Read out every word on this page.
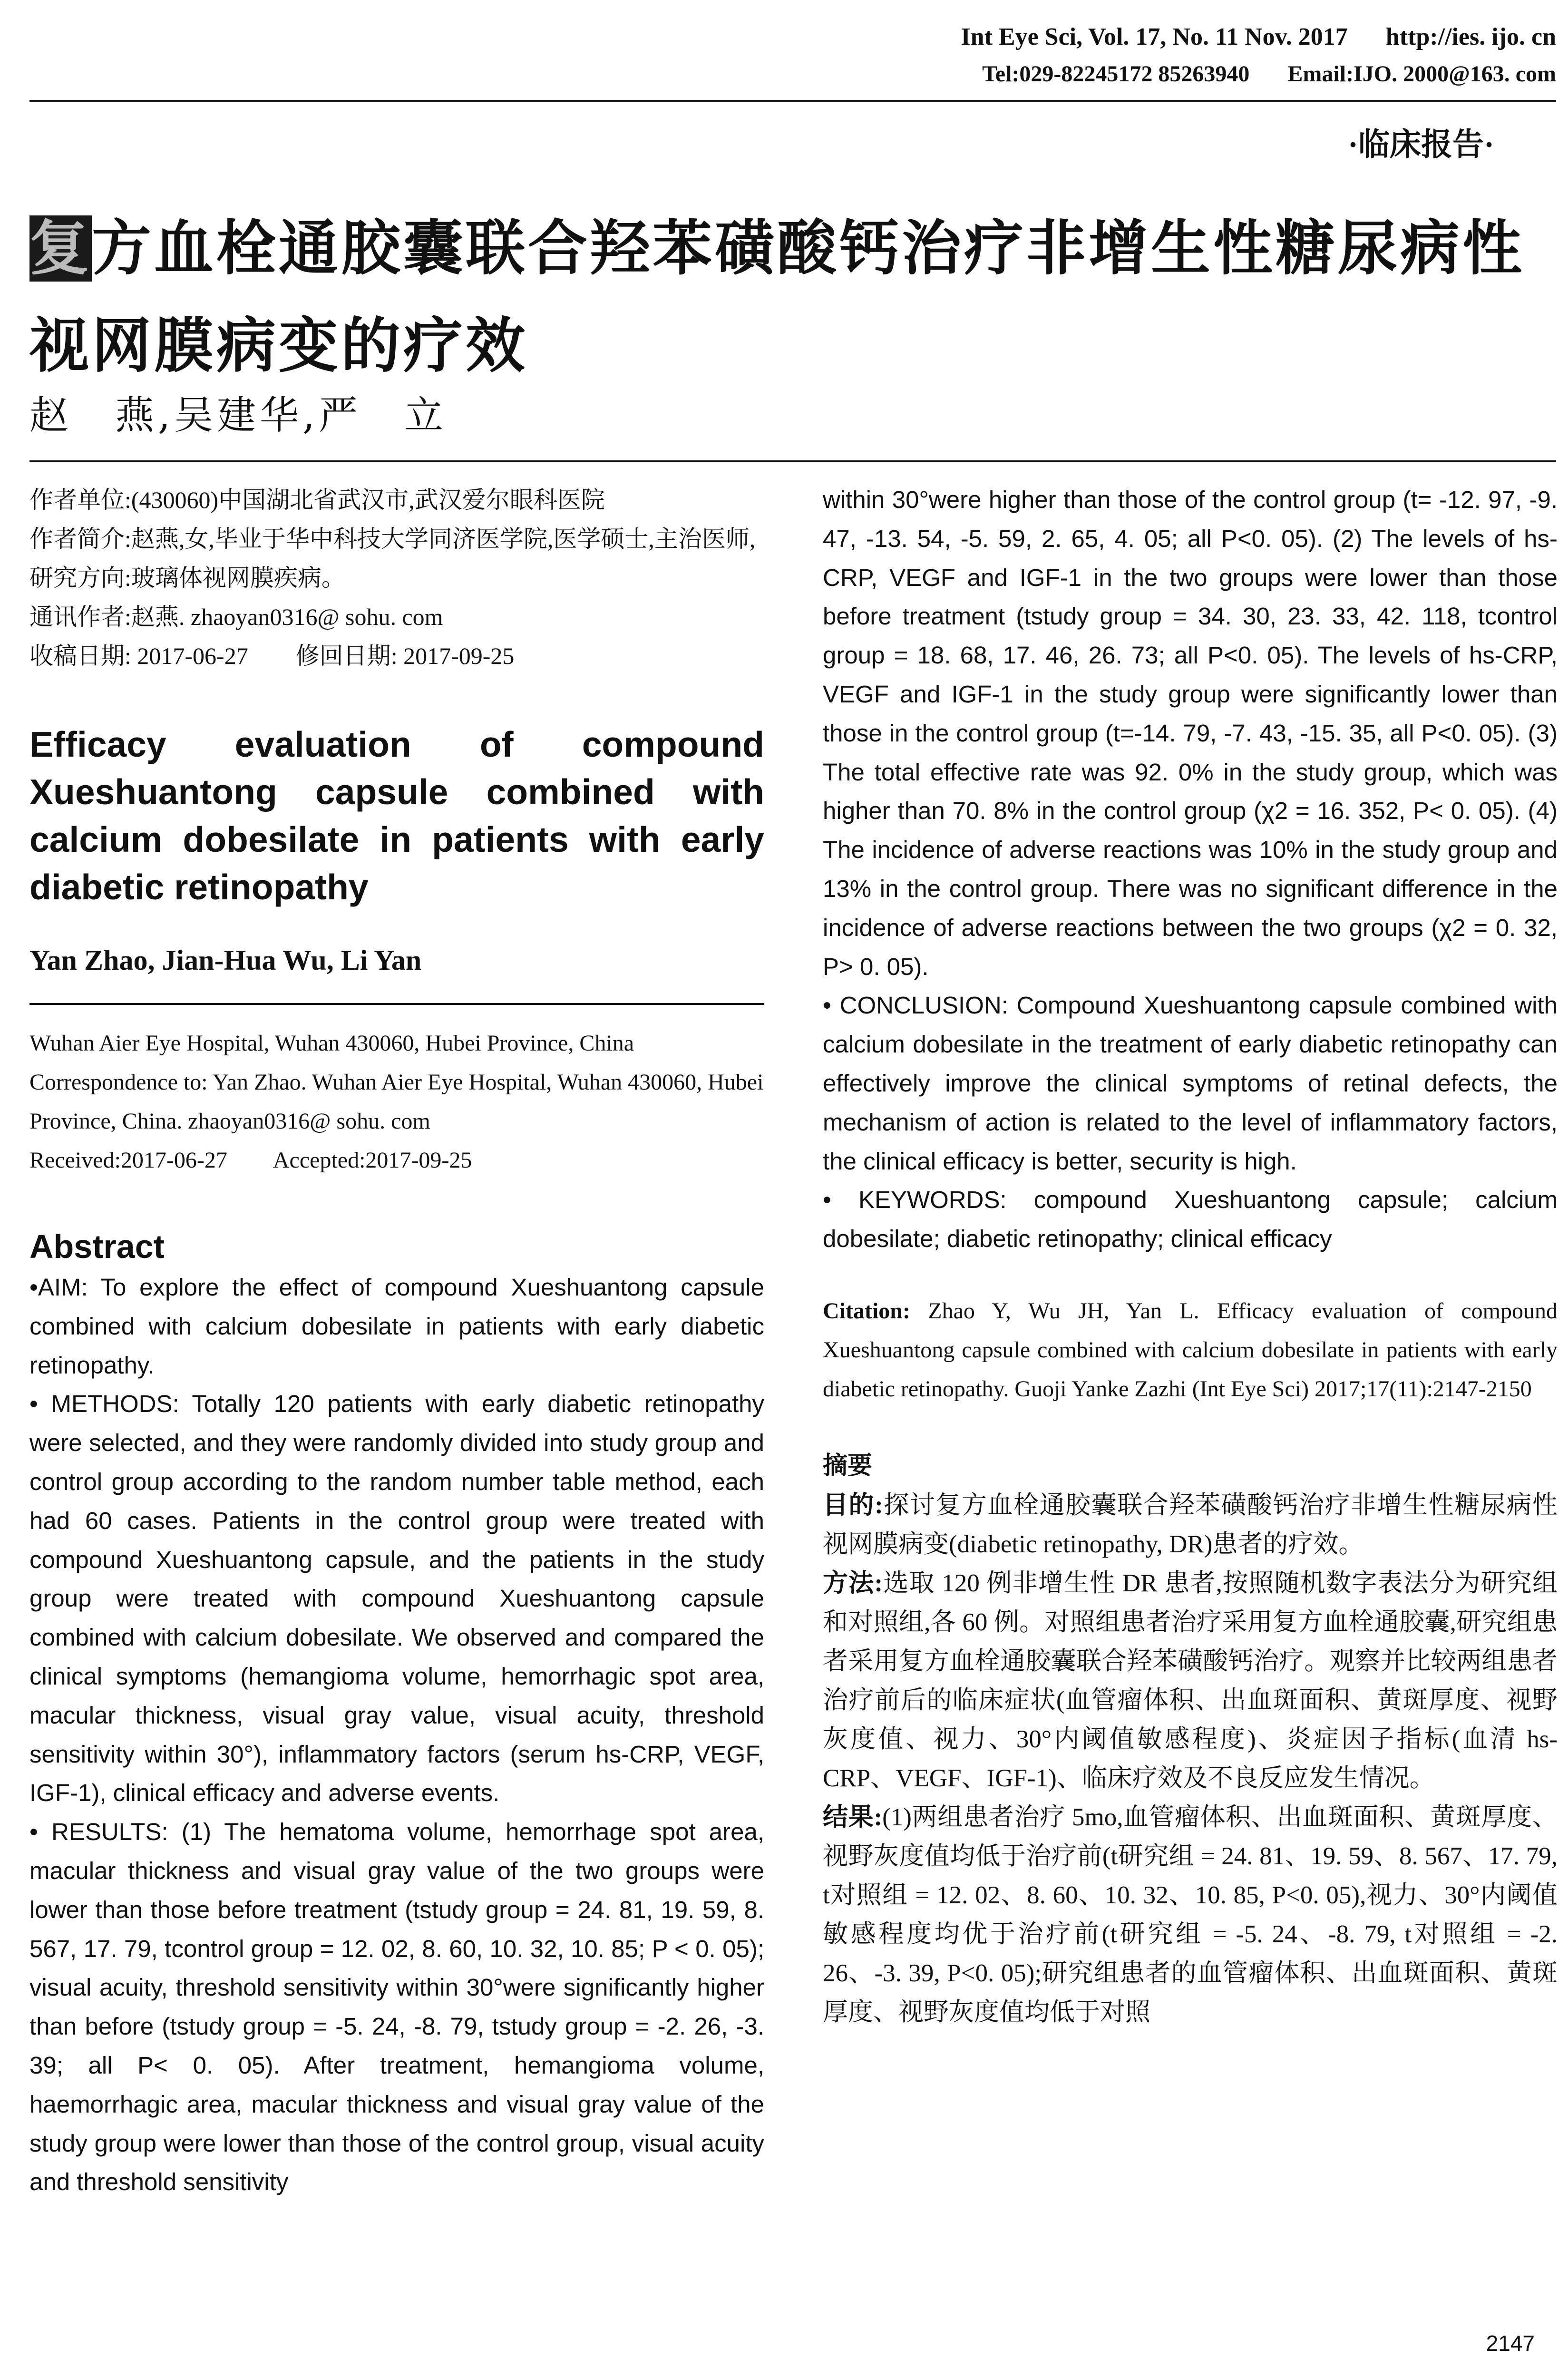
Int Eye Sci, Vol. 17, No. 11 Nov. 2017 http://ies. ijo. cn
Tel:029-82245172 85263940 Email:IJO. 2000@163. com
·临床报告·
复方血栓通胶囊联合羟苯磺酸钙治疗非增生性糖尿病性视网膜病变的疗效
赵　燕,吴建华,严　立

作者单位:(430060)中国湖北省武汉市,武汉爱尔眼科医院

作者简介:赵燕,女,毕业于华中科技大学同济医学院,医学硕士,主治医师,研究方向:玻璃体视网膜疾病。

通讯作者:赵燕. zhaoyan0316@ sohu. com

收稿日期: 2017-06-27　　修回日期: 2017-09-25

Efficacy evaluation of compound
Xueshuantong capsule combined with
calcium dobesilate in patients with early
diabetic retinopathy
Yan Zhao, Jian-Hua Wu, Li Yan

Wuhan Aier Eye Hospital, Wuhan 430060, Hubei Province, China

Correspondence to: Yan Zhao. Wuhan Aier Eye Hospital, Wuhan 430060, Hubei Province, China. zhaoyan0316@ sohu. com

Received:2017-06-27　　Accepted:2017-09-25

Abstract

•AIM: To explore the effect of compound Xueshuantong capsule combined with calcium dobesilate in patients with early diabetic retinopathy.

• METHODS: Totally 120 patients with early diabetic retinopathy were selected, and they were randomly divided into study group and control group according to the random number table method, each had 60 cases. Patients in the control group were treated with compound Xueshuantong capsule, and the patients in the study group were treated with compound Xueshuantong capsule combined with calcium dobesilate. We observed and compared the clinical symptoms (hemangioma volume, hemorrhagic spot area, macular thickness, visual gray value, visual acuity, threshold sensitivity within 30°), inflammatory factors (serum hs-CRP, VEGF, IGF-1), clinical efficacy and adverse events.

• RESULTS: (1) The hematoma volume, hemorrhage spot area, macular thickness and visual gray value of the two groups were lower than those before treatment (tstudy group = 24. 81, 19. 59, 8. 567, 17. 79, tcontrol group = 12. 02, 8. 60, 10. 32, 10. 85; P < 0. 05); visual acuity, threshold sensitivity within 30°were significantly higher than before (tstudy group = -5. 24, -8. 79, tstudy group = -2. 26, -3. 39; all P< 0. 05). After treatment, hemangioma volume, haemorrhagic area, macular thickness and visual gray value of the study group were lower than those of the control group, visual acuity and threshold sensitivity

within 30°were higher than those of the control group (t= -12. 97, -9. 47, -13. 54, -5. 59, 2. 65, 4. 05; all P<0. 05). (2) The levels of hs-CRP, VEGF and IGF-1 in the two groups were lower than those before treatment (tstudy group = 34. 30, 23. 33, 42. 118, tcontrol group = 18. 68, 17. 46, 26. 73; all P<0. 05). The levels of hs-CRP, VEGF and IGF-1 in the study group were significantly lower than those in the control group (t=-14. 79, -7. 43, -15. 35, all P<0. 05). (3) The total effective rate was 92. 0% in the study group, which was higher than 70. 8% in the control group (χ2 = 16. 352, P< 0. 05). (4) The incidence of adverse reactions was 10% in the study group and 13% in the control group. There was no significant difference in the incidence of adverse reactions between the two groups (χ2 = 0. 32, P> 0. 05).

• CONCLUSION: Compound Xueshuantong capsule combined with calcium dobesilate in the treatment of early diabetic retinopathy can effectively improve the clinical symptoms of retinal defects, the mechanism of action is related to the level of inflammatory factors, the clinical efficacy is better, security is high.

• KEYWORDS: compound Xueshuantong capsule; calcium dobesilate; diabetic retinopathy; clinical efficacy

Citation: Zhao Y, Wu JH, Yan L. Efficacy evaluation of compound Xueshuantong capsule combined with calcium dobesilate in patients with early diabetic retinopathy. Guoji Yanke Zazhi (Int Eye Sci) 2017;17(11):2147-2150

摘要

目的:探讨复方血栓通胶囊联合羟苯磺酸钙治疗非增生性糖尿病性视网膜病变(diabetic retinopathy, DR)患者的疗效。

方法:选取 120 例非增生性 DR 患者,按照随机数字表法分为研究组和对照组,各 60 例。对照组患者治疗采用复方血栓通胶囊,研究组患者采用复方血栓通胶囊联合羟苯磺酸钙治疗。观察并比较两组患者治疗前后的临床症状(血管瘤体积、出血斑面积、黄斑厚度、视野灰度值、视力、30°内阈值敏感程度)、炎症因子指标(血清 hs-CRP、VEGF、IGF-1)、临床疗效及不良反应发生情况。

结果:(1)两组患者治疗 5mo,血管瘤体积、出血斑面积、黄斑厚度、视野灰度值均低于治疗前(t研究组 = 24. 81、19. 59、8. 567、17. 79, t对照组 = 12. 02、8. 60、10. 32、10. 85, P<0. 05),视力、30°内阈值敏感程度均优于治疗前(t研究组 = -5. 24、-8. 79, t对照组 = -2. 26、-3. 39, P<0. 05);研究组患者的血管瘤体积、出血斑面积、黄斑厚度、视野灰度值均低于对照

2147
